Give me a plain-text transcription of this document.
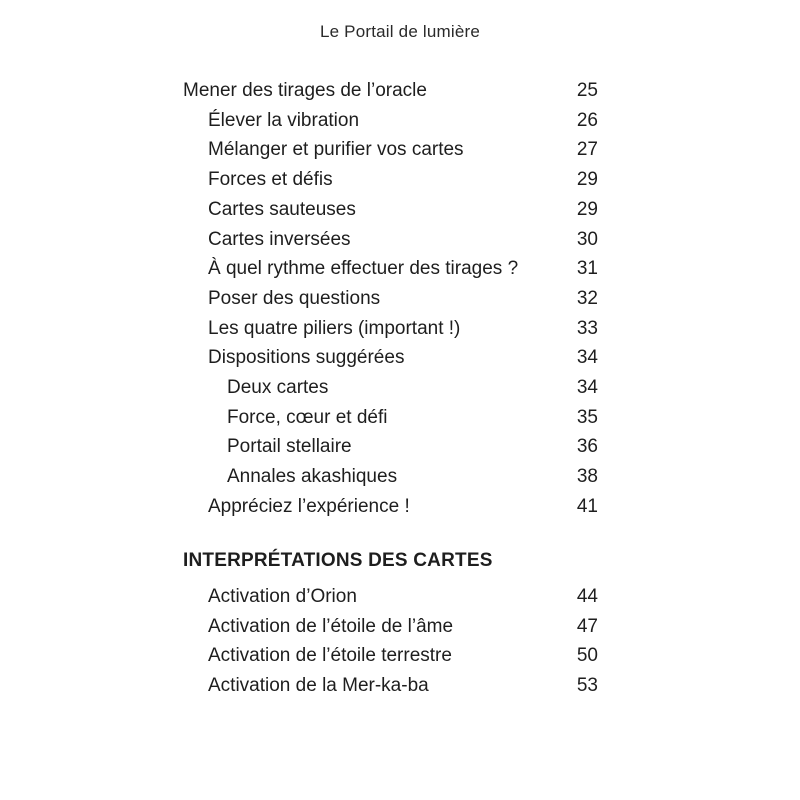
Le Portail de lumière
Mener des tirages de l’oracle	25
Élever la vibration	26
Mélanger et purifier vos cartes	27
Forces et défis	29
Cartes sauteuses	29
Cartes inversées	30
À quel rythme effectuer des tirages ?	31
Poser des questions	32
Les quatre piliers (important !)	33
Dispositions suggérées	34
Deux cartes	34
Force, cœur et défi	35
Portail stellaire	36
Annales akashiques	38
Appréciez l’expérience !	41
INTERPRÉTATIONS DES CARTES
Activation d’Orion	44
Activation de l’étoile de l’âme	47
Activation de l’étoile terrestre	50
Activation de la Mer-ka-ba	53
